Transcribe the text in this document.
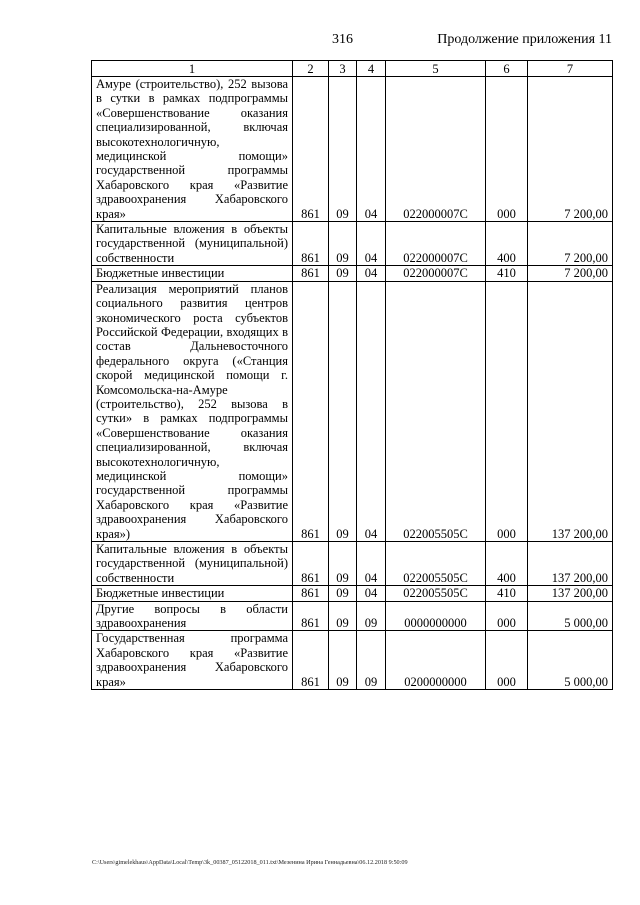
316	Продолжение приложения 11
1	2	3	4	5	6	7
Амуре (строительство), 252 вызова в сутки в рамках подпрограммы «Совершенствование оказания специализированной, включая высокотехнологичную, медицинской помощи» государственной программы Хабаровского края «Развитие здравоохранения Хабаровского края»	861	09	04	022000007С	000	7 200,00
Капитальные вложения в объекты государственной (муниципальной) собственности	861	09	04	022000007С	400	7 200,00
Бюджетные инвестиции	861	09	04	022000007С	410	7 200,00
Реализация мероприятий планов социального развития центров экономического роста субъектов Российской Федерации, входящих в состав Дальневосточного федерального округа («Станция скорой медицинской помощи г. Комсомольска-на-Амуре (строительство), 252 вызова в сутки» в рамках подпрограммы «Совершенствование оказания специализированной, включая высокотехнологичную, медицинской помощи» государственной программы Хабаровского края «Развитие здравоохранения Хабаровского края»)	861	09	04	022005505С	000	137 200,00
Капитальные вложения в объекты государственной (муниципальной) собственности	861	09	04	022005505С	400	137 200,00
Бюджетные инвестиции	861	09	04	022005505С	410	137 200,00
Другие вопросы в области здравоохранения	861	09	09	0000000000	000	5 000,00
Государственная программа Хабаровского края «Развитие здравоохранения Хабаровского края»	861	09	09	0200000000	000	5 000,00
C:\Users\gimelekhaus\AppData\Local\Temp\3k_00387_05122018_011.txt\Мезенина Ирина Геннадьевна\06.12.2018 9:50:09
